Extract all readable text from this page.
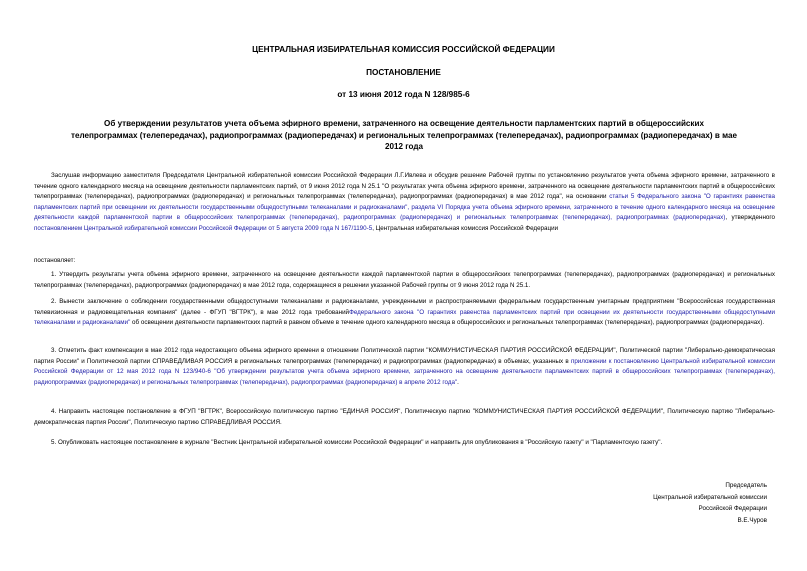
ЦЕНТРАЛЬНАЯ ИЗБИРАТЕЛЬНАЯ КОМИССИЯ РОССИЙСКОЙ ФЕДЕРАЦИИ
ПОСТАНОВЛЕНИЕ
от 13 июня 2012 года N 128/985-6
Об утверждении результатов учета объема эфирного времени, затраченного на освещение деятельности парламентских партий в общероссийских
телепрограммах (телепередачах), радиопрограммах (радиопередачах) и региональных телепрограммах (телепередачах), радиопрограммах (радиопередачах) в мае
2012 года

Заслушав информацию заместителя Председателя Центральной избирательной комиссии Российской Федерации Л.Г.Ивлева и обсудив решение Рабочей группы по установлению результатов учета объема эфирного времени, затраченного в течение одного календарного месяца на освещение деятельности парламентских партий, от 9 июня 2012 года N 25.1 "О результатах учета объема эфирного времени, затраченного на освещение деятельности парламентских партий в общероссийских телепрограммах (телепередачах), радиопрограммах (радиопередачах) и региональных телепрограммах (телепередачах), радиопрограммах (радиопередачах) в мае 2012 года", на основании статьи 5 Федерального закона "О гарантиях равенства парламентских партий при освещении их деятельности государственными общедоступными телеканалами и радиоканалами", раздела VI Порядка учета объема эфирного времени, затраченного в течение одного календарного месяца на освещение деятельности каждой парламентской партии в общероссийских телепрограммах (телепередачах), радиопрограммах (радиопередачах) и региональных телепрограммах (телепередачах), радиопрограммах (радиопередачах), утвержденного постановлением Центральной избирательной комиссии Российской Федерации от 5 августа 2009 года N 167/1190-5, Центральная избирательная комиссия Российской Федерации

постановляет:

1. Утвердить результаты учета объема эфирного времени, затраченного на освещение деятельности каждой парламентской партии в общероссийских телепрограммах (телепередачах), радиопрограммах (радиопередачах) и региональных телепрограммах (телепередачах), радиопрограммах (радиопередачах) в мае 2012 года, содержащиеся в решении указанной Рабочей группы от 9 июня 2012 года N 25.1.

2. Вынести заключение о соблюдении государственными общедоступными телеканалами и радиоканалами, учрежденными и распространяемыми федеральным государственным унитарным предприятием "Всероссийская государственная телевизионная и радиовещательная компания" (далее - ФГУП "ВГТРК"), в мае 2012 года требованийФедерального закона "О гарантиях равенства парламентских партий при освещении их деятельности государственными общедоступными телеканалами и радиоканалами" об освещении деятельности парламентских партий в равном объеме в течение одного календарного месяца в общероссийских и региональных телепрограммах (телепередачах), радиопрограммах (радиопередачах).

3. Отметить факт компенсации в мае 2012 года недостающего объема эфирного времени в отношении Политической партии "КОММУНИСТИЧЕСКАЯ ПАРТИЯ РОССИЙСКОЙ ФЕДЕРАЦИИ", Политической партии "Либерально-демократическая партия России" и Политической партии СПРАВЕДЛИВАЯ РОССИЯ в региональных телепрограммах (телепередачах) и радиопрограммах (радиопередачах) в объемах, указанных в приложении к постановлению Центральной избирательной комиссии Российской Федерации от 12 мая 2012 года N 123/940-6 "Об утверждении результатов учета объема эфирного времени, затраченного на освещение деятельности парламентских партий в общероссийских телепрограммах (телепередачах), радиопрограммах (радиопередачах) и региональных телепрограммах (телепередачах), радиопрограммах (радиопередачах) в апреле 2012 года".

4. Направить настоящее постановление в ФГУП "ВГТРК", Всероссийскую политическую партию "ЕДИНАЯ РОССИЯ", Политическую партию "КОММУНИСТИЧЕСКАЯ ПАРТИЯ РОССИЙСКОЙ ФЕДЕРАЦИИ", Политическую партию "Либерально-демократическая партия России", Политическую партию СПРАВЕДЛИВАЯ РОССИЯ.

5. Опубликовать настоящее постановление в журнале "Вестник Центральной избирательной комиссии Российской Федерации" и направить для опубликования в "Российскую газету" и "Парламентскую газету".

Председатель
Центральной избирательной комиссии
Российской Федерации
В.Е.Чуров
